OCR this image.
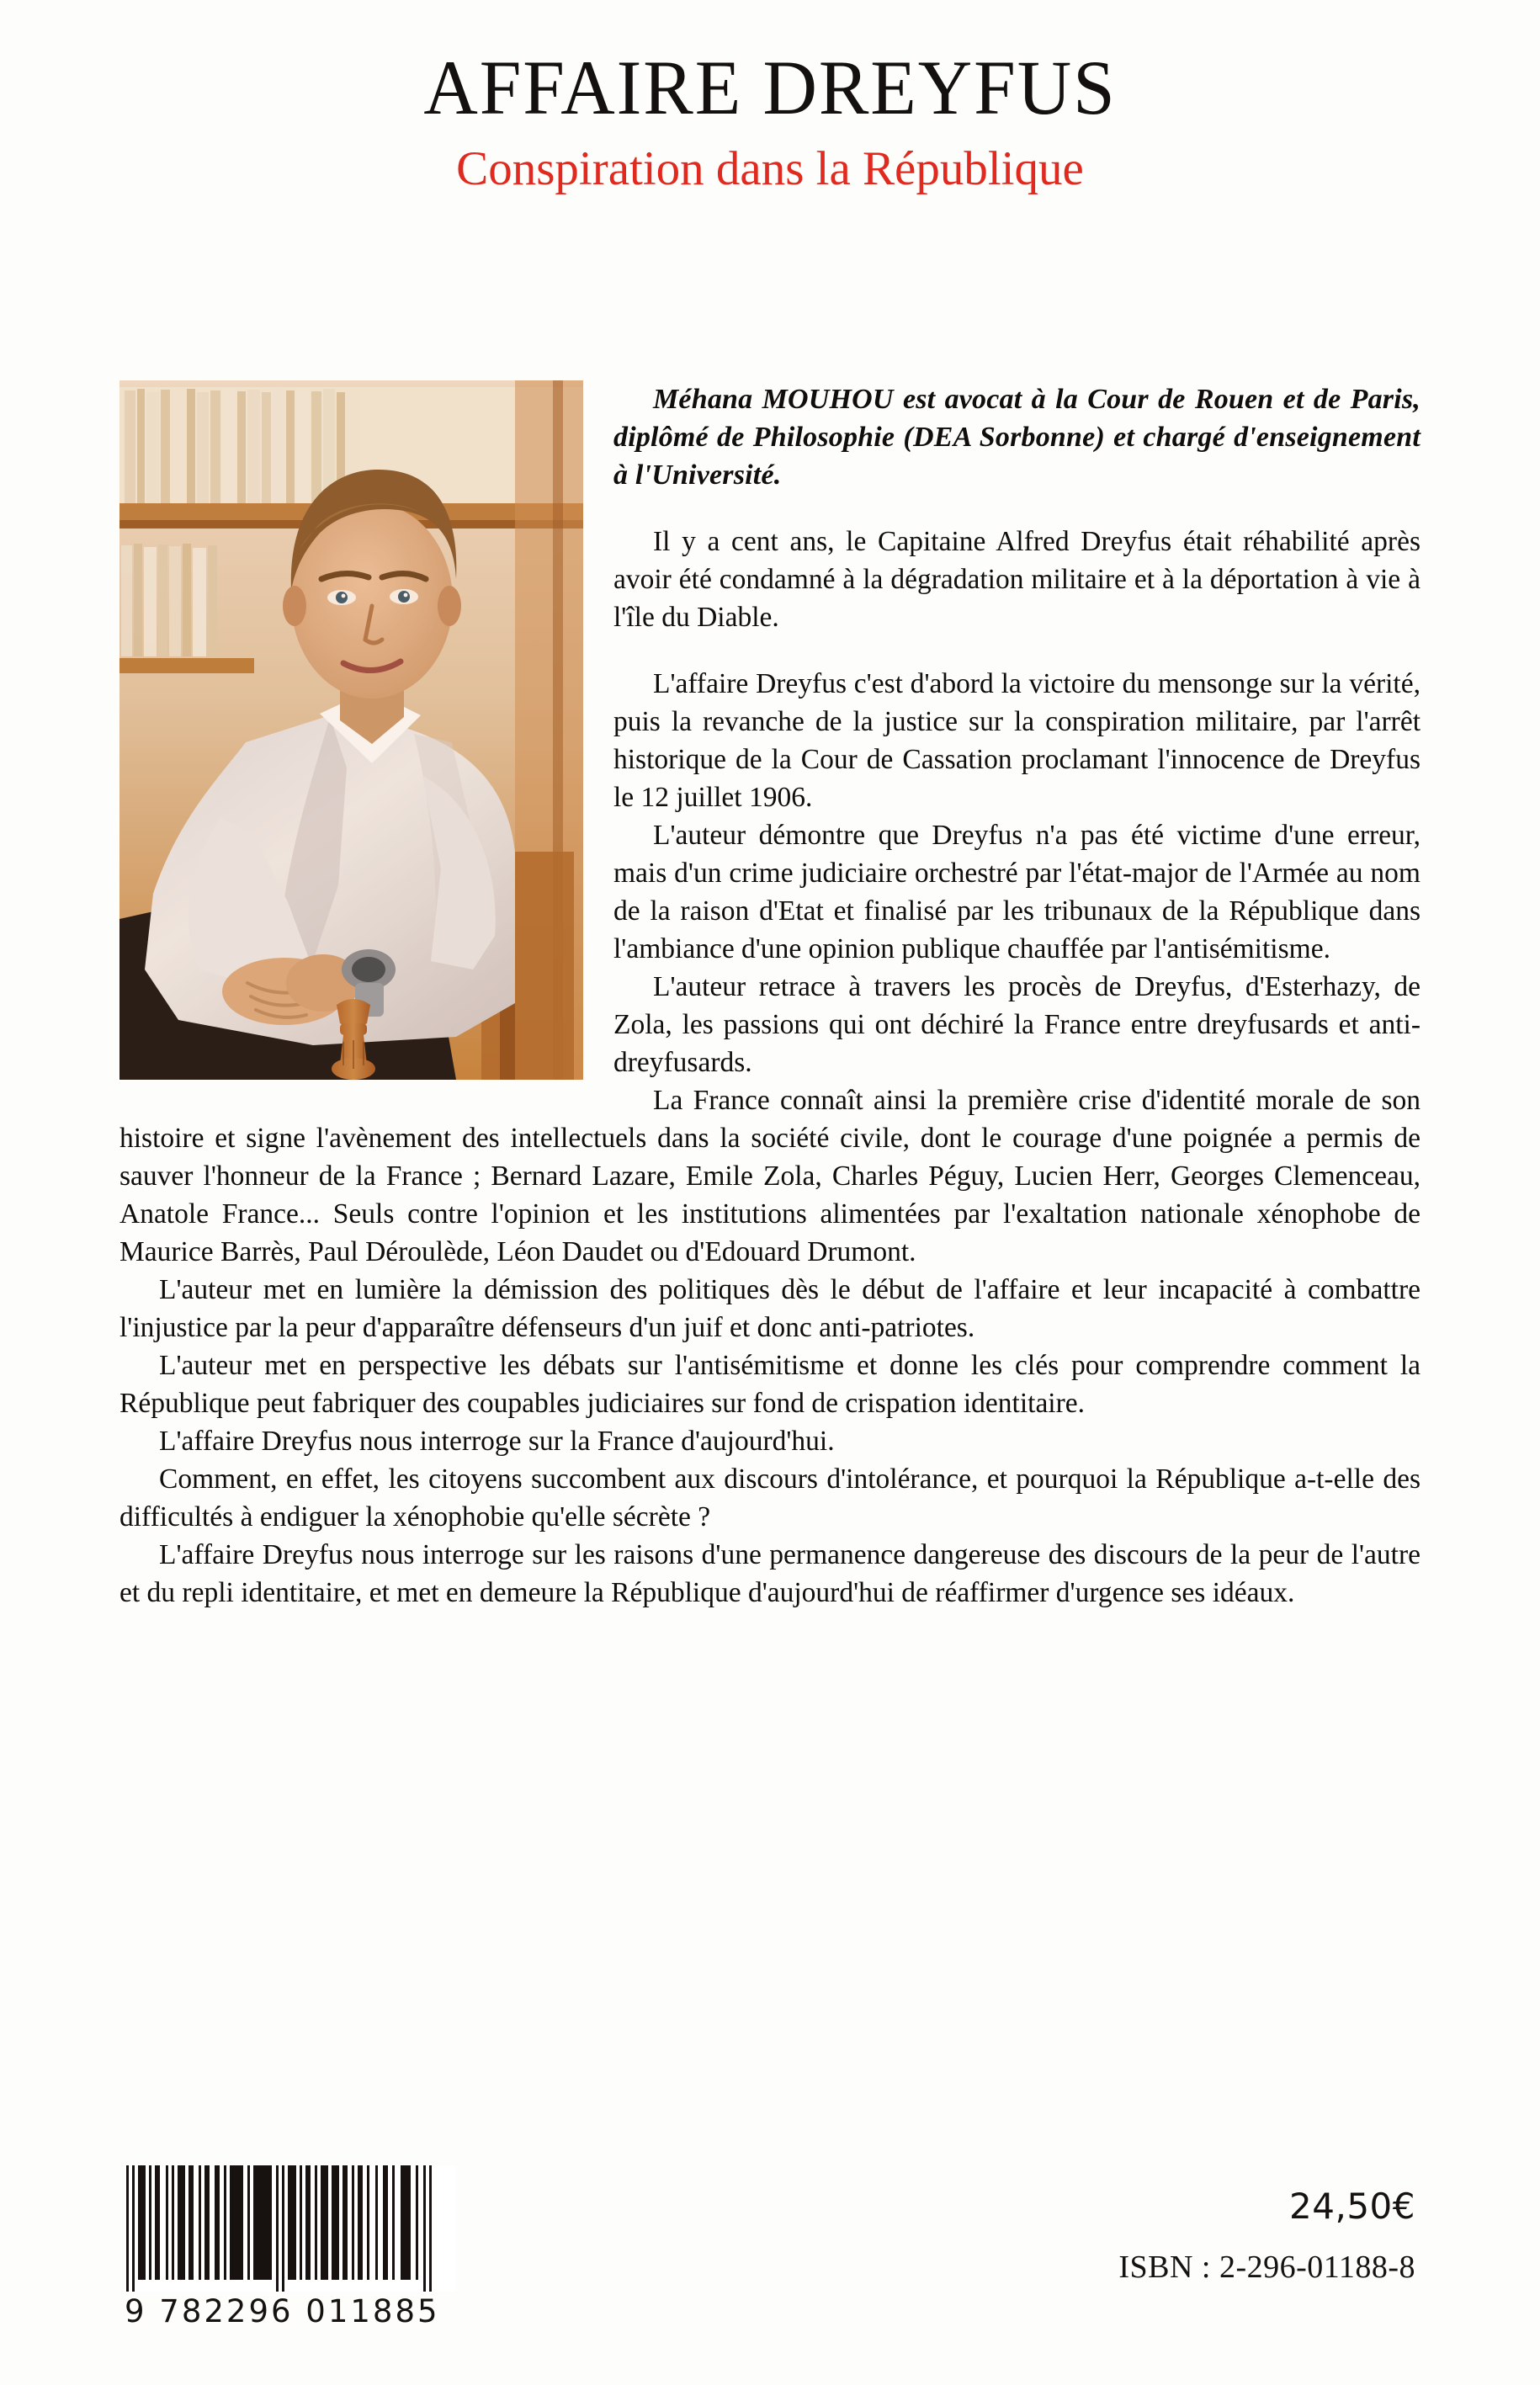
AFFAIRE DREYFUS
Conspiration dans la République

Méhana MOUHOU est avocat à la Cour de Rouen et de Paris, diplômé de Philosophie (DEA Sorbonne) et chargé d'enseignement à l'Université.

Il y a cent ans, le Capitaine Alfred Dreyfus était réhabilité après avoir été condamné à la dégradation militaire et à la déportation à vie à l'île du Diable.

L'affaire Dreyfus c'est d'abord la victoire du mensonge sur la vérité, puis la revanche de la justice sur la conspiration militaire, par l'arrêt historique de la Cour de Cassation proclamant l'innocence de Dreyfus le 12 juillet 1906.

L'auteur démontre que Dreyfus n'a pas été victime d'une erreur, mais d'un crime judiciaire orchestré par l'état-major de l'Armée au nom de la raison d'Etat et finalisé par les tribunaux de la République dans l'ambiance d'une opinion publique chauffée par l'antisémitisme.

L'auteur retrace à travers les procès de Dreyfus, d'Esterhazy, de Zola, les passions qui ont déchiré la France entre dreyfusards et anti-dreyfusards.

La France connaît ainsi la première crise d'identité morale de son histoire et signe l'avènement des intellectuels dans la société civile, dont le courage d'une poignée a permis de sauver l'honneur de la France ; Bernard Lazare, Emile Zola, Charles Péguy, Lucien Herr, Georges Clemenceau, Anatole France... Seuls contre l'opinion et les institutions alimentées par l'exaltation nationale xénophobe de Maurice Barrès, Paul Déroulède, Léon Daudet ou d'Edouard Drumont.

L'auteur met en lumière la démission des politiques dès le début de l'affaire et leur incapacité à combattre l'injustice par la peur d'apparaître défenseurs d'un juif et donc anti-patriotes.

L'auteur met en perspective les débats sur l'antisémitisme et donne les clés pour comprendre comment la République peut fabriquer des coupables judiciaires sur fond de crispation identitaire.

L'affaire Dreyfus nous interroge sur la France d'aujourd'hui.

Comment, en effet, les citoyens succombent aux discours d'intolérance, et pourquoi la République a-t-elle des difficultés à endiguer la xénophobie qu'elle sécrète ?

L'affaire Dreyfus nous interroge sur les raisons d'une permanence dangereuse des discours de la peur de l'autre et du repli identitaire, et met en demeure la République d'aujourd'hui de réaffirmer d'urgence ses idéaux.

9 782296 011885
24,50€
ISBN : 2-296-01188-8
